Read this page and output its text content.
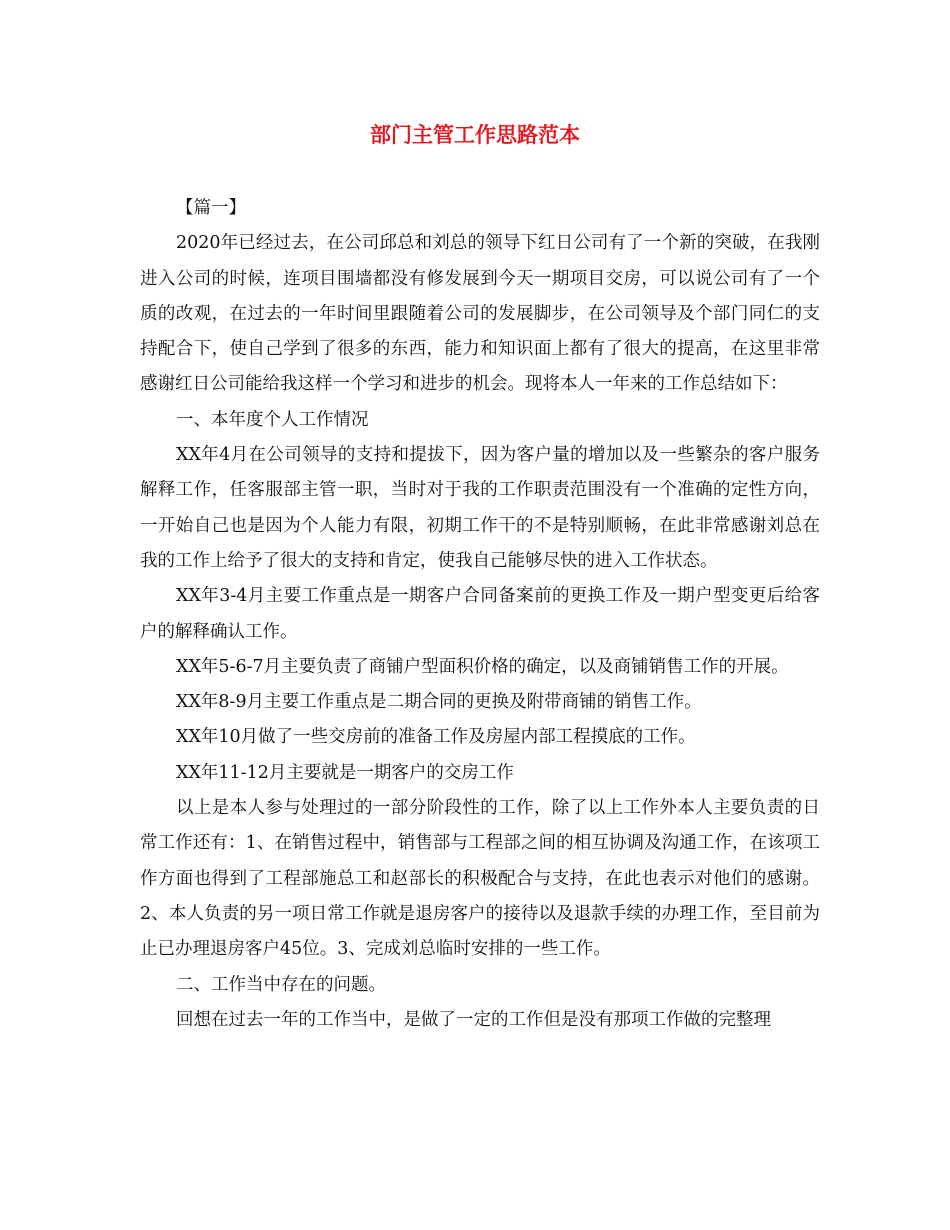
部门主管工作思路范本

【篇一】

2020年已经过去，在公司邱总和刘总的领导下红日公司有了一个新的突破，在我刚进入公司的时候，连项目围墙都没有修发展到今天一期项目交房，可以说公司有了一个质的改观，在过去的一年时间里跟随着公司的发展脚步，在公司领导及个部门同仁的支持配合下，使自己学到了很多的东西，能力和知识面上都有了很大的提高，在这里非常感谢红日公司能给我这样一个学习和进步的机会。现将本人一年来的工作总结如下：

一、本年度个人工作情况

XX年4月在公司领导的支持和提拔下，因为客户量的增加以及一些繁杂的客户服务解释工作，任客服部主管一职，当时对于我的工作职责范围没有一个准确的定性方向，一开始自己也是因为个人能力有限，初期工作干的不是特别顺畅，在此非常感谢刘总在我的工作上给予了很大的支持和肯定，使我自己能够尽快的进入工作状态。

XX年3-4月主要工作重点是一期客户合同备案前的更换工作及一期户型变更后给客户的解释确认工作。

XX年5-6-7月主要负责了商铺户型面积价格的确定，以及商铺销售工作的开展。

XX年8-9月主要工作重点是二期合同的更换及附带商铺的销售工作。

XX年10月做了一些交房前的准备工作及房屋内部工程摸底的工作。

XX年11-12月主要就是一期客户的交房工作

以上是本人参与处理过的一部分阶段性的工作，除了以上工作外本人主要负责的日常工作还有：1、在销售过程中，销售部与工程部之间的相互协调及沟通工作，在该项工作方面也得到了工程部施总工和赵部长的积极配合与支持，在此也表示对他们的感谢。2、本人负责的另一项日常工作就是退房客户的接待以及退款手续的办理工作，至目前为止已办理退房客户45位。3、完成刘总临时安排的一些工作。

二、工作当中存在的问题。

回想在过去一年的工作当中，是做了一定的工作但是没有那项工作做的完整理
